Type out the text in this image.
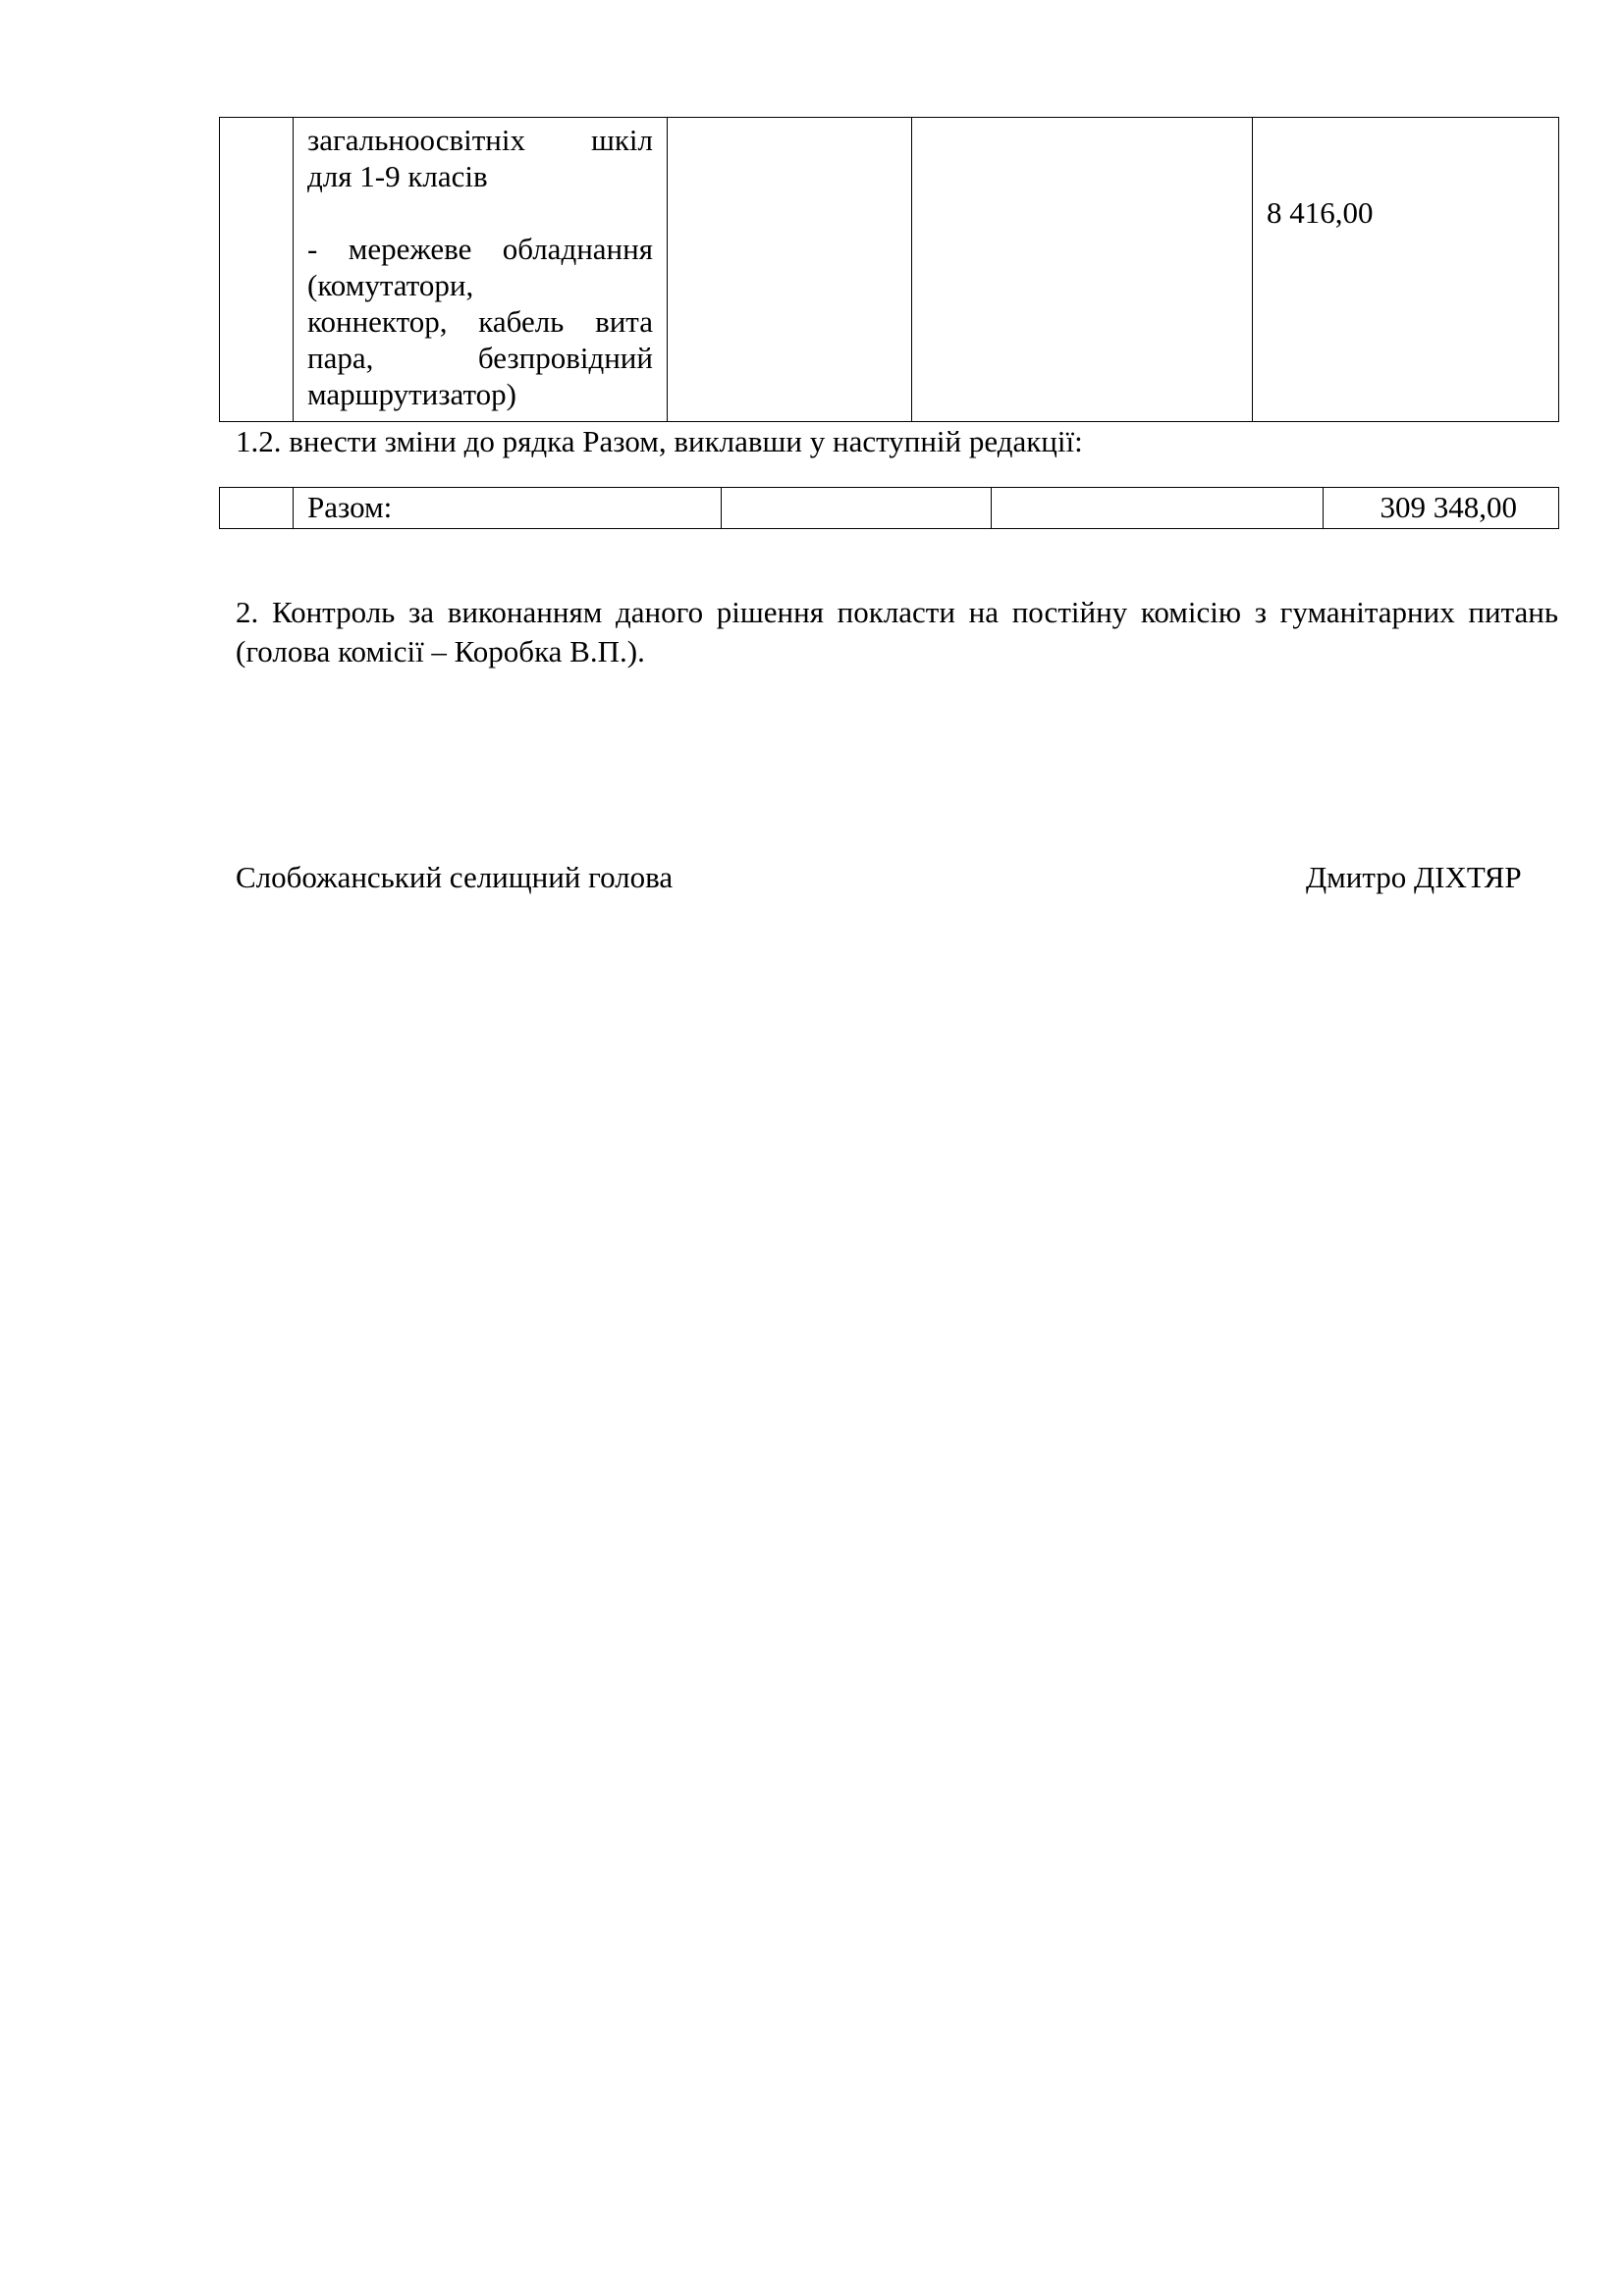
загальноосвітніх шкіл
для 1-9 класів
- мережеве обладнання
(комутатори,
коннектор, кабель вита
пара, безпровідний
маршрутизатор)
			8 416,00

1.2. внести зміни до рядка Разом, виклавши у наступній редакції:

	Разом:			309 348,00

2. Контроль за виконанням даного рішення покласти на постійну комісію з гуманітарних питань (голова комісії – Коробка В.П.).

Слобожанський селищний голова	Дмитро ДІХТЯР
